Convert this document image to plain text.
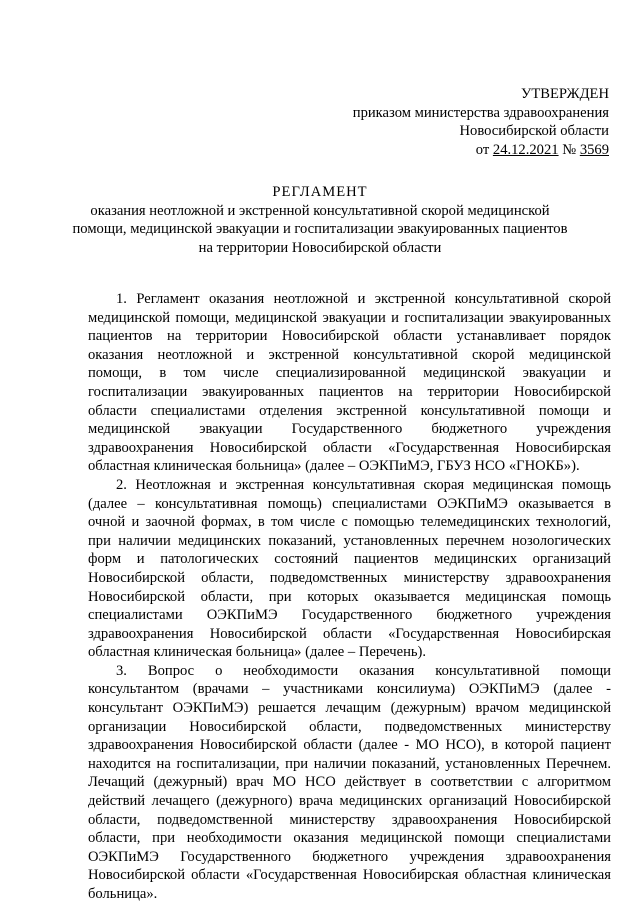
УТВЕРЖДЕН
приказом министерства здравоохранения
Новосибирской области
от 24.12.2021 № 3569
РЕГЛАМЕНТ
оказания неотложной и экстренной консультативной скорой медицинской
помощи, медицинской эвакуации и госпитализации эвакуированных пациентов
на территории Новосибирской области
1. Регламент оказания неотложной и экстренной консультативной скорой
медицинской помощи, медицинской эвакуации и госпитализации эвакуированных
пациентов на территории Новосибирской области устанавливает порядок
оказания неотложной и экстренной консультативной скорой медицинской
помощи, в том числе специализированной медицинской эвакуации и
госпитализации эвакуированных пациентов на территории Новосибирской
области специалистами отделения экстренной консультативной помощи и
медицинской эвакуации Государственного бюджетного учреждения
здравоохранения Новосибирской области «Государственная Новосибирская
областная клиническая больница» (далее – ОЭКПиМЭ, ГБУЗ НСО «ГНОКБ»).
2. Неотложная и экстренная консультативная скорая медицинская помощь
(далее – консультативная помощь) специалистами ОЭКПиМЭ оказывается в
очной и заочной формах, в том числе с помощью телемедицинских технологий,
при наличии медицинских показаний, установленных перечнем нозологических
форм и патологических состояний пациентов медицинских организаций
Новосибирской области, подведомственных министерству здравоохранения
Новосибирской области, при которых оказывается медицинская помощь
специалистами ОЭКПиМЭ Государственного бюджетного учреждения
здравоохранения Новосибирской области «Государственная Новосибирская
областная клиническая больница» (далее – Перечень).
3. Вопрос о необходимости оказания консультативной помощи
консультантом (врачами – участниками консилиума) ОЭКПиМЭ (далее -
консультант ОЭКПиМЭ) решается лечащим (дежурным) врачом медицинской
организации Новосибирской области, подведомственных министерству
здравоохранения Новосибирской области (далее - МО НСО), в которой пациент
находится на госпитализации, при наличии показаний, установленных Перечнем.
Лечащий (дежурный) врач МО НСО действует в соответствии с алгоритмом
действий лечащего (дежурного) врача медицинских организаций Новосибирской
области, подведомственной министерству здравоохранения Новосибирской
области, при необходимости оказания медицинской помощи специалистами
ОЭКПиМЭ Государственного бюджетного учреждения здравоохранения
Новосибирской области «Государственная Новосибирская областная клиническая
больница».
